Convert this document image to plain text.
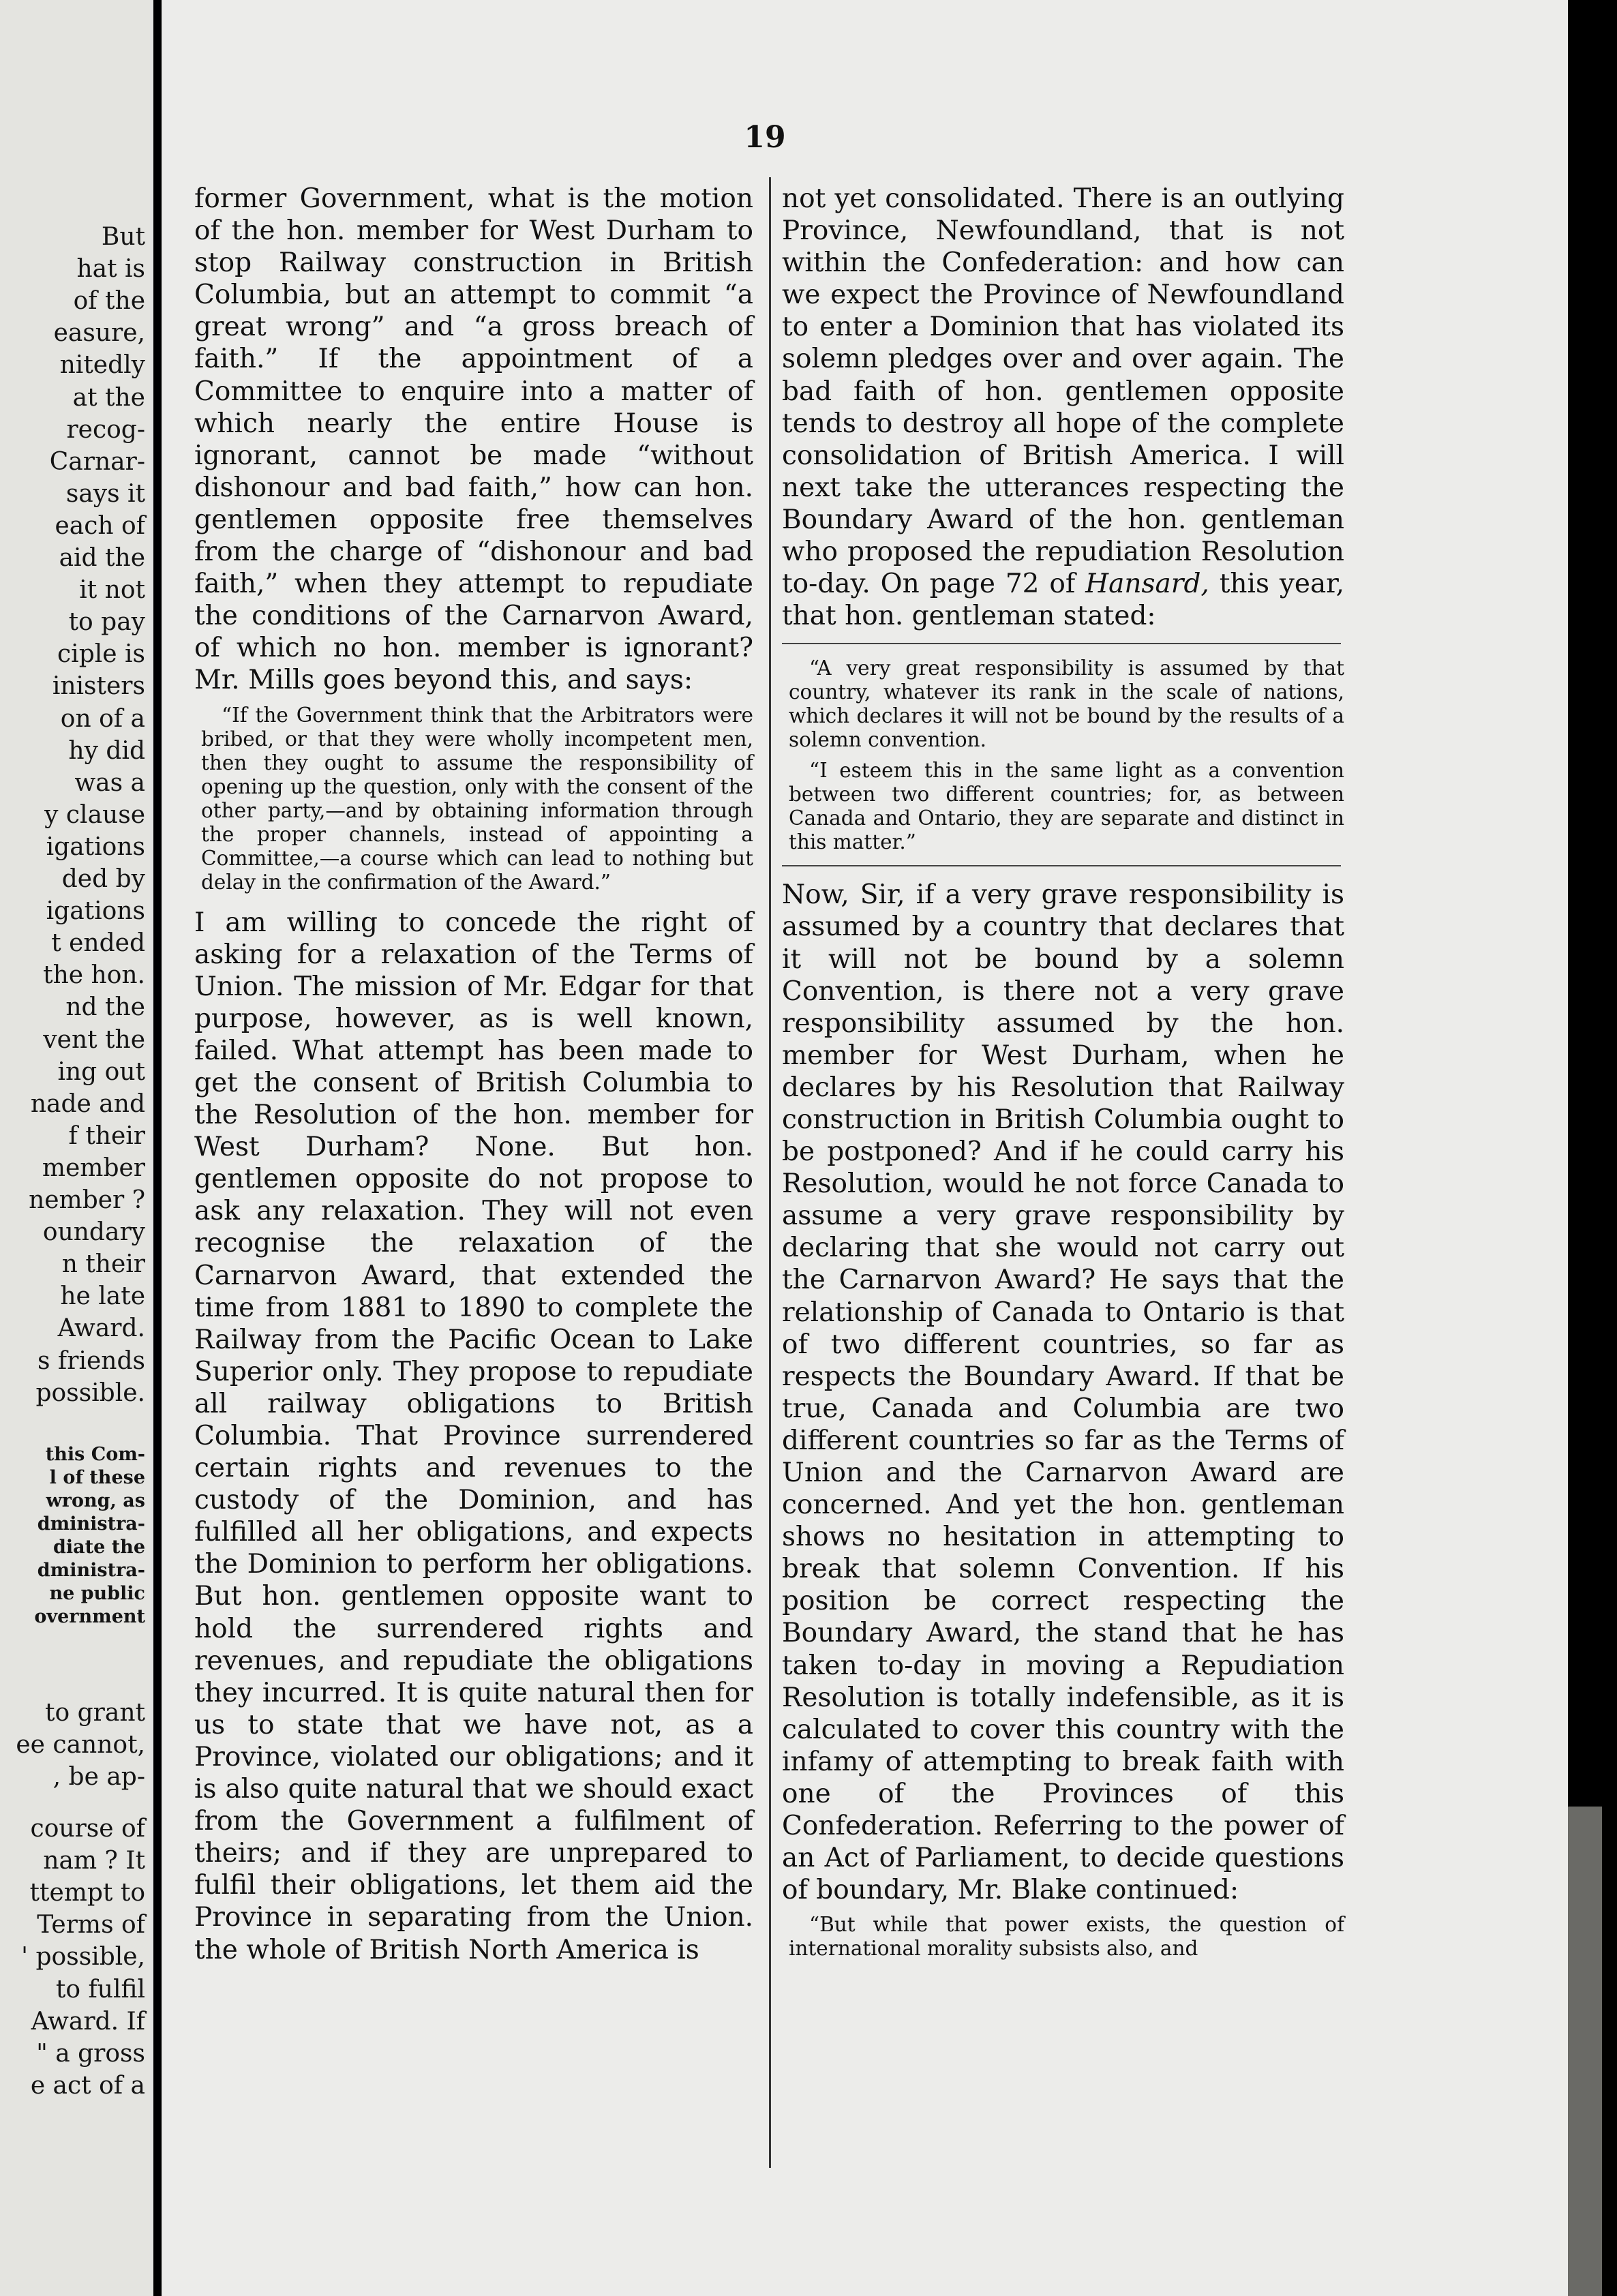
But
hat is
of the
easure,
nitedly
at the
recog-
Carnar-
says it
each of
aid the
it not
to pay
ciple is
inisters
on of a
hy did
was a
y clause
igations
ded by
igations
t ended
the hon.
nd the
vent the
ing out
nade and
f their
member
nember ?
oundary
n their
he late
Award.
s friends
possible.
this Com-
l of these
wrong, as
dministra-
diate the
dministra-
ne public
overnment
to grant
ee cannot,
, be ap-
course of
nam ? It
ttempt to
Terms of
' possible,
to fulfil
Award. If
" a gross
e act of a
19

former Government, what is the motion of the hon. member for West Durham to stop Railway construction in British Columbia, but an attempt to commit “a great wrong” and “a gross breach of faith.” If the appointment of a Committee to enquire into a matter of which nearly the entire House is ignorant, cannot be made “without dishonour and bad faith,” how can hon. gentlemen opposite free themselves from the charge of “dishonour and bad faith,” when they attempt to repudiate the conditions of the Carnarvon Award, of which no hon. member is ignorant? Mr. Mills goes beyond this, and says:

“If the Government think that the Arbitrators were bribed, or that they were wholly incompetent men, then they ought to assume the responsibility of opening up the question, only with the consent of the other party,—and by obtaining information through the proper channels, instead of appointing a Committee,—a course which can lead to nothing but delay in the confirmation of the Award.”

I am willing to concede the right of asking for a relaxation of the Terms of Union. The mission of Mr. Edgar for that purpose, however, as is well known, failed. What attempt has been made to get the consent of British Columbia to the Resolution of the hon. member for West Durham? None. But hon. gentlemen opposite do not propose to ask any relaxation. They will not even recognise the relaxation of the Carnarvon Award, that extended the time from 1881 to 1890 to complete the Railway from the Pacific Ocean to Lake Superior only. They propose to repudiate all railway obligations to British Columbia. That Province surrendered certain rights and revenues to the custody of the Dominion, and has fulfilled all her obligations, and expects the Dominion to perform her obligations. But hon. gentlemen opposite want to hold the surrendered rights and revenues, and repudiate the obligations they incurred. It is quite natural then for us to state that we have not, as a Province, violated our obligations; and it is also quite natural that we should exact from the Government a fulfilment of theirs; and if they are unprepared to fulfil their obligations, let them aid the Province in separating from the Union. the whole of British North America is

not yet consolidated. There is an outlying Province, Newfoundland, that is not within the Confederation: and how can we expect the Province of Newfoundland to enter a Dominion that has violated its solemn pledges over and over again. The bad faith of hon. gentlemen opposite tends to destroy all hope of the complete consolidation of British America. I will next take the utterances respecting the Boundary Award of the hon. gentleman who proposed the repudiation Resolution to-day. On page 72 of Hansard, this year, that hon. gentleman stated:

“A very great responsibility is assumed by that country, whatever its rank in the scale of nations, which declares it will not be bound by the results of a solemn convention.

“I esteem this in the same light as a convention between two different countries; for, as between Canada and Ontario, they are separate and distinct in this matter.”

Now, Sir, if a very grave responsibility is assumed by a country that declares that it will not be bound by a solemn Convention, is there not a very grave responsibility assumed by the hon. member for West Durham, when he declares by his Resolution that Railway construction in British Columbia ought to be postponed? And if he could carry his Resolution, would he not force Canada to assume a very grave responsibility by declaring that she would not carry out the Carnarvon Award? He says that the relationship of Canada to Ontario is that of two different countries, so far as respects the Boundary Award. If that be true, Canada and Columbia are two different countries so far as the Terms of Union and the Carnarvon Award are concerned. And yet the hon. gentleman shows no hesitation in attempting to break that solemn Convention. If his position be correct respecting the Boundary Award, the stand that he has taken to-day in moving a Repudiation Resolution is totally indefensible, as it is calculated to cover this country with the infamy of attempting to break faith with one of the Provinces of this Confederation. Referring to the power of an Act of Parliament, to decide questions of boundary, Mr. Blake continued:

“But while that power exists, the question of international morality subsists also, and
